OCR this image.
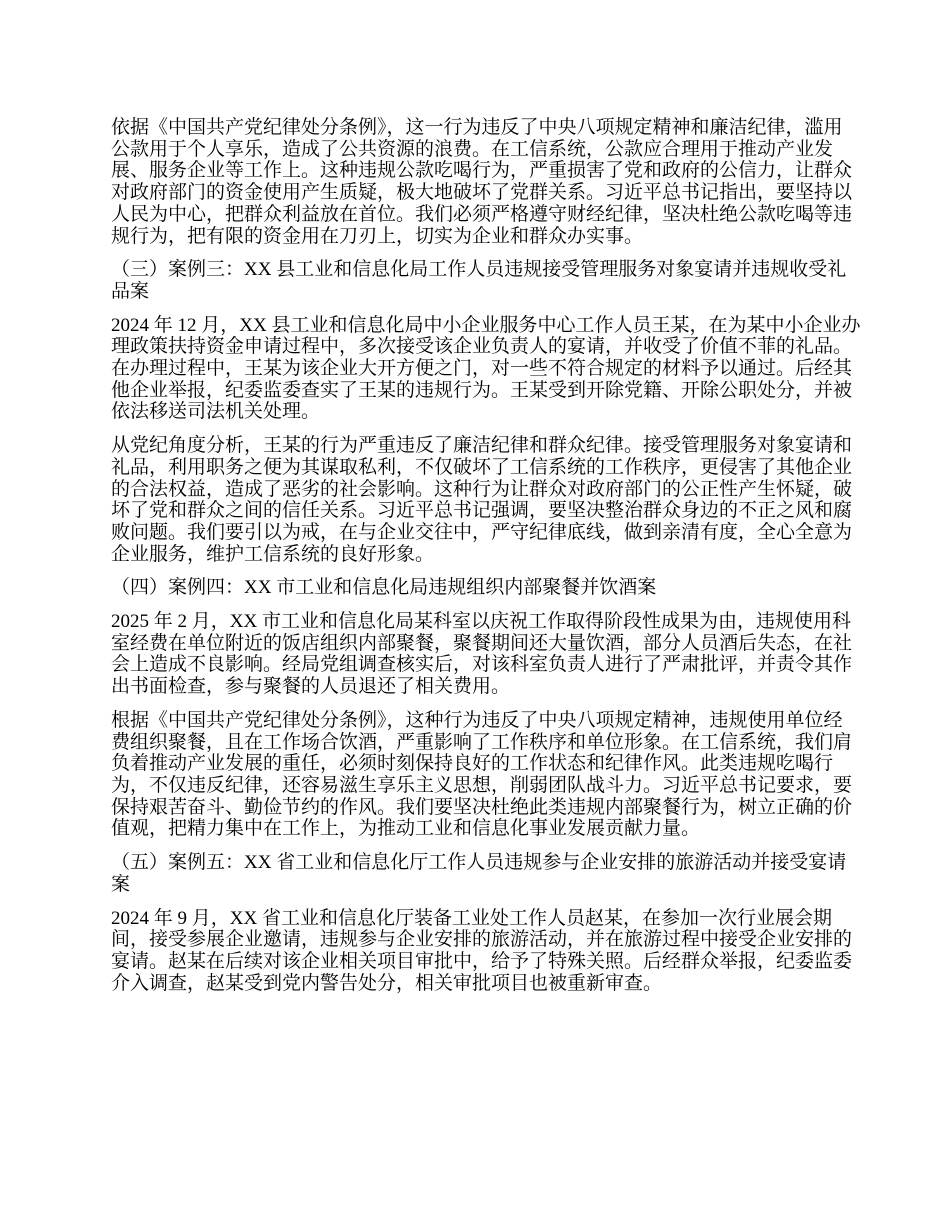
依据《中国共产党纪律处分条例》，这一行为违反了中央八项规定精神和廉洁纪律，滥用公款用于个人享乐，造成了公共资源的浪费。在工信系统，公款应合理用于推动产业发展、服务企业等工作上。这种违规公款吃喝行为，严重损害了党和政府的公信力，让群众对政府部门的资金使用产生质疑，极大地破坏了党群关系。习近平总书记指出，要坚持以人民为中心，把群众利益放在首位。我们必须严格遵守财经纪律，坚决杜绝公款吃喝等违规行为，把有限的资金用在刀刃上，切实为企业和群众办实事。

（三）案例三：XX 县工业和信息化局工作人员违规接受管理服务对象宴请并违规收受礼品案

2024 年 12 月，XX 县工业和信息化局中小企业服务中心工作人员王某，在为某中小企业办理政策扶持资金申请过程中，多次接受该企业负责人的宴请，并收受了价值不菲的礼品。在办理过程中，王某为该企业大开方便之门，对一些不符合规定的材料予以通过。后经其他企业举报，纪委监委查实了王某的违规行为。王某受到开除党籍、开除公职处分，并被依法移送司法机关处理。

从党纪角度分析，王某的行为严重违反了廉洁纪律和群众纪律。接受管理服务对象宴请和礼品，利用职务之便为其谋取私利，不仅破坏了工信系统的工作秩序，更侵害了其他企业的合法权益，造成了恶劣的社会影响。这种行为让群众对政府部门的公正性产生怀疑，破坏了党和群众之间的信任关系。习近平总书记强调，要坚决整治群众身边的不正之风和腐败问题。我们要引以为戒，在与企业交往中，严守纪律底线，做到亲清有度，全心全意为企业服务，维护工信系统的良好形象。

（四）案例四：XX 市工业和信息化局违规组织内部聚餐并饮酒案

2025 年 2 月，XX 市工业和信息化局某科室以庆祝工作取得阶段性成果为由，违规使用科室经费在单位附近的饭店组织内部聚餐，聚餐期间还大量饮酒，部分人员酒后失态，在社会上造成不良影响。经局党组调查核实后，对该科室负责人进行了严肃批评，并责令其作出书面检查，参与聚餐的人员退还了相关费用。

根据《中国共产党纪律处分条例》，这种行为违反了中央八项规定精神，违规使用单位经费组织聚餐，且在工作场合饮酒，严重影响了工作秩序和单位形象。在工信系统，我们肩负着推动产业发展的重任，必须时刻保持良好的工作状态和纪律作风。此类违规吃喝行为，不仅违反纪律，还容易滋生享乐主义思想，削弱团队战斗力。习近平总书记要求，要保持艰苦奋斗、勤俭节约的作风。我们要坚决杜绝此类违规内部聚餐行为，树立正确的价值观，把精力集中在工作上，为推动工业和信息化事业发展贡献力量。

（五）案例五：XX 省工业和信息化厅工作人员违规参与企业安排的旅游活动并接受宴请案

2024 年 9 月，XX 省工业和信息化厅装备工业处工作人员赵某，在参加一次行业展会期间，接受参展企业邀请，违规参与企业安排的旅游活动，并在旅游过程中接受企业安排的宴请。赵某在后续对该企业相关项目审批中，给予了特殊关照。后经群众举报，纪委监委介入调查，赵某受到党内警告处分，相关审批项目也被重新审查。
